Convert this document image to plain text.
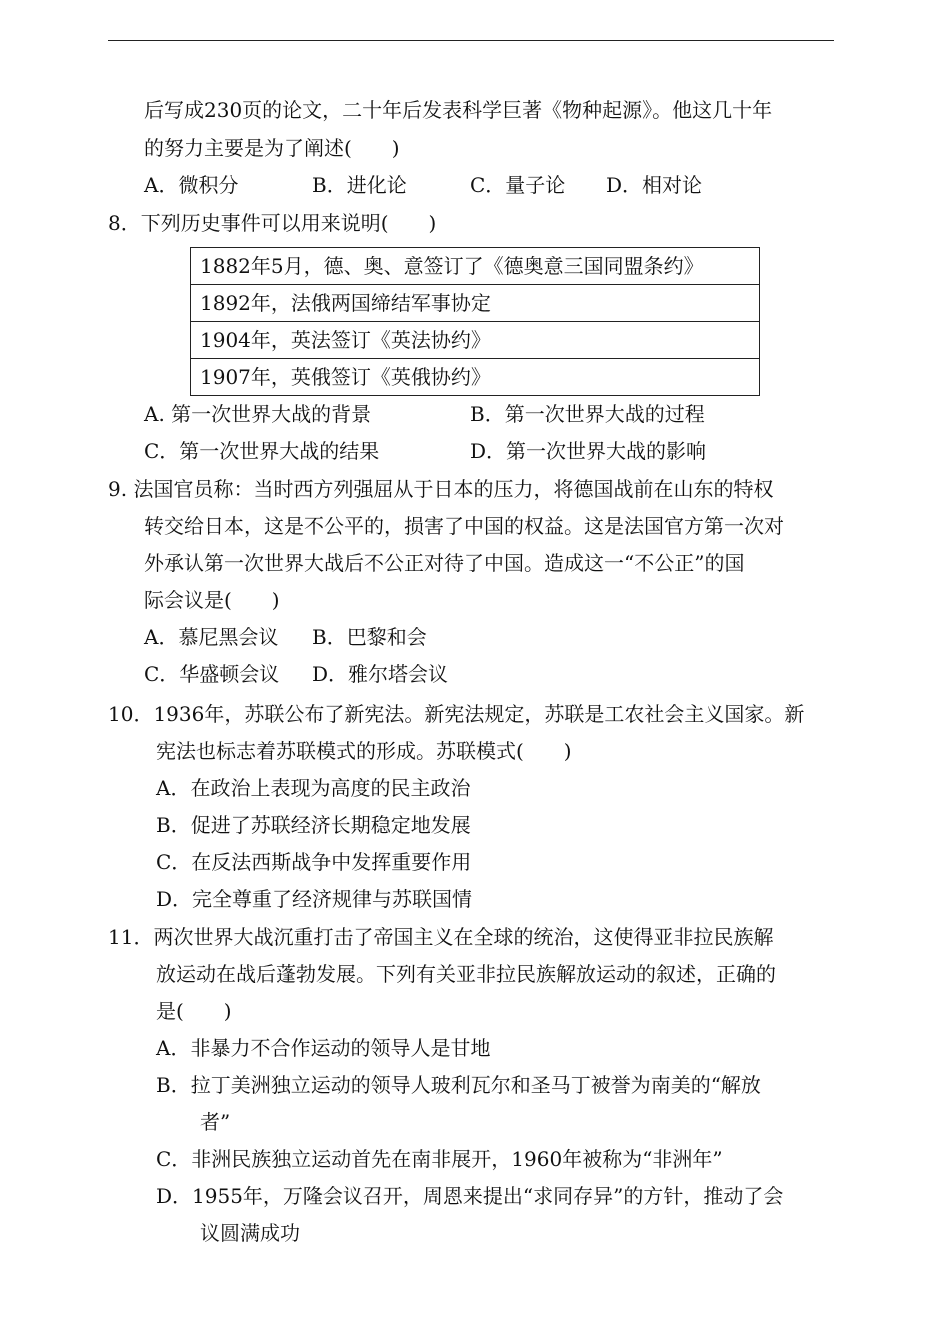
后写成230页的论文，二十年后发表科学巨著《物种起源》。他这几十年
的努力主要是为了阐述(　　)
A．微积分	B．进化论	C．量子论 D．相对论
8．下列历史事件可以用来说明(　　)
1882年5月，德、奥、意签订了《德奥意三国同盟条约》
1892年，法俄两国缔结军事协定
1904年，英法签订《英法协约》
1907年，英俄签订《英俄协约》
A. 第一次世界大战的背景	B．第一次世界大战的过程
C．第一次世界大战的结果	D．第一次世界大战的影响
9. 法国官员称：当时西方列强屈从于日本的压力，将德国战前在山东的特权
转交给日本，这是不公平的，损害了中国的权益。这是法国官方第一次对
外承认第一次世界大战后不公正对待了中国。造成这一“不公正”的国
际会议是(　　)
A．慕尼黑会议 B．巴黎和会
C．华盛顿会议 D．雅尔塔会议
10．1936年，苏联公布了新宪法。新宪法规定，苏联是工农社会主义国家。新
宪法也标志着苏联模式的形成。苏联模式(　　)
A．在政治上表现为高度的民主政治
B．促进了苏联经济长期稳定地发展
C．在反法西斯战争中发挥重要作用
D．完全尊重了经济规律与苏联国情
11．两次世界大战沉重打击了帝国主义在全球的统治，这使得亚非拉民族解
放运动在战后蓬勃发展。下列有关亚非拉民族解放运动的叙述，正确的
是(　　)
A．非暴力不合作运动的领导人是甘地
B．拉丁美洲独立运动的领导人玻利瓦尔和圣马丁被誉为南美的“解放
者”
C．非洲民族独立运动首先在南非展开，1960年被称为“非洲年”
D．1955年，万隆会议召开，周恩来提出“求同存异”的方针，推动了会
议圆满成功
